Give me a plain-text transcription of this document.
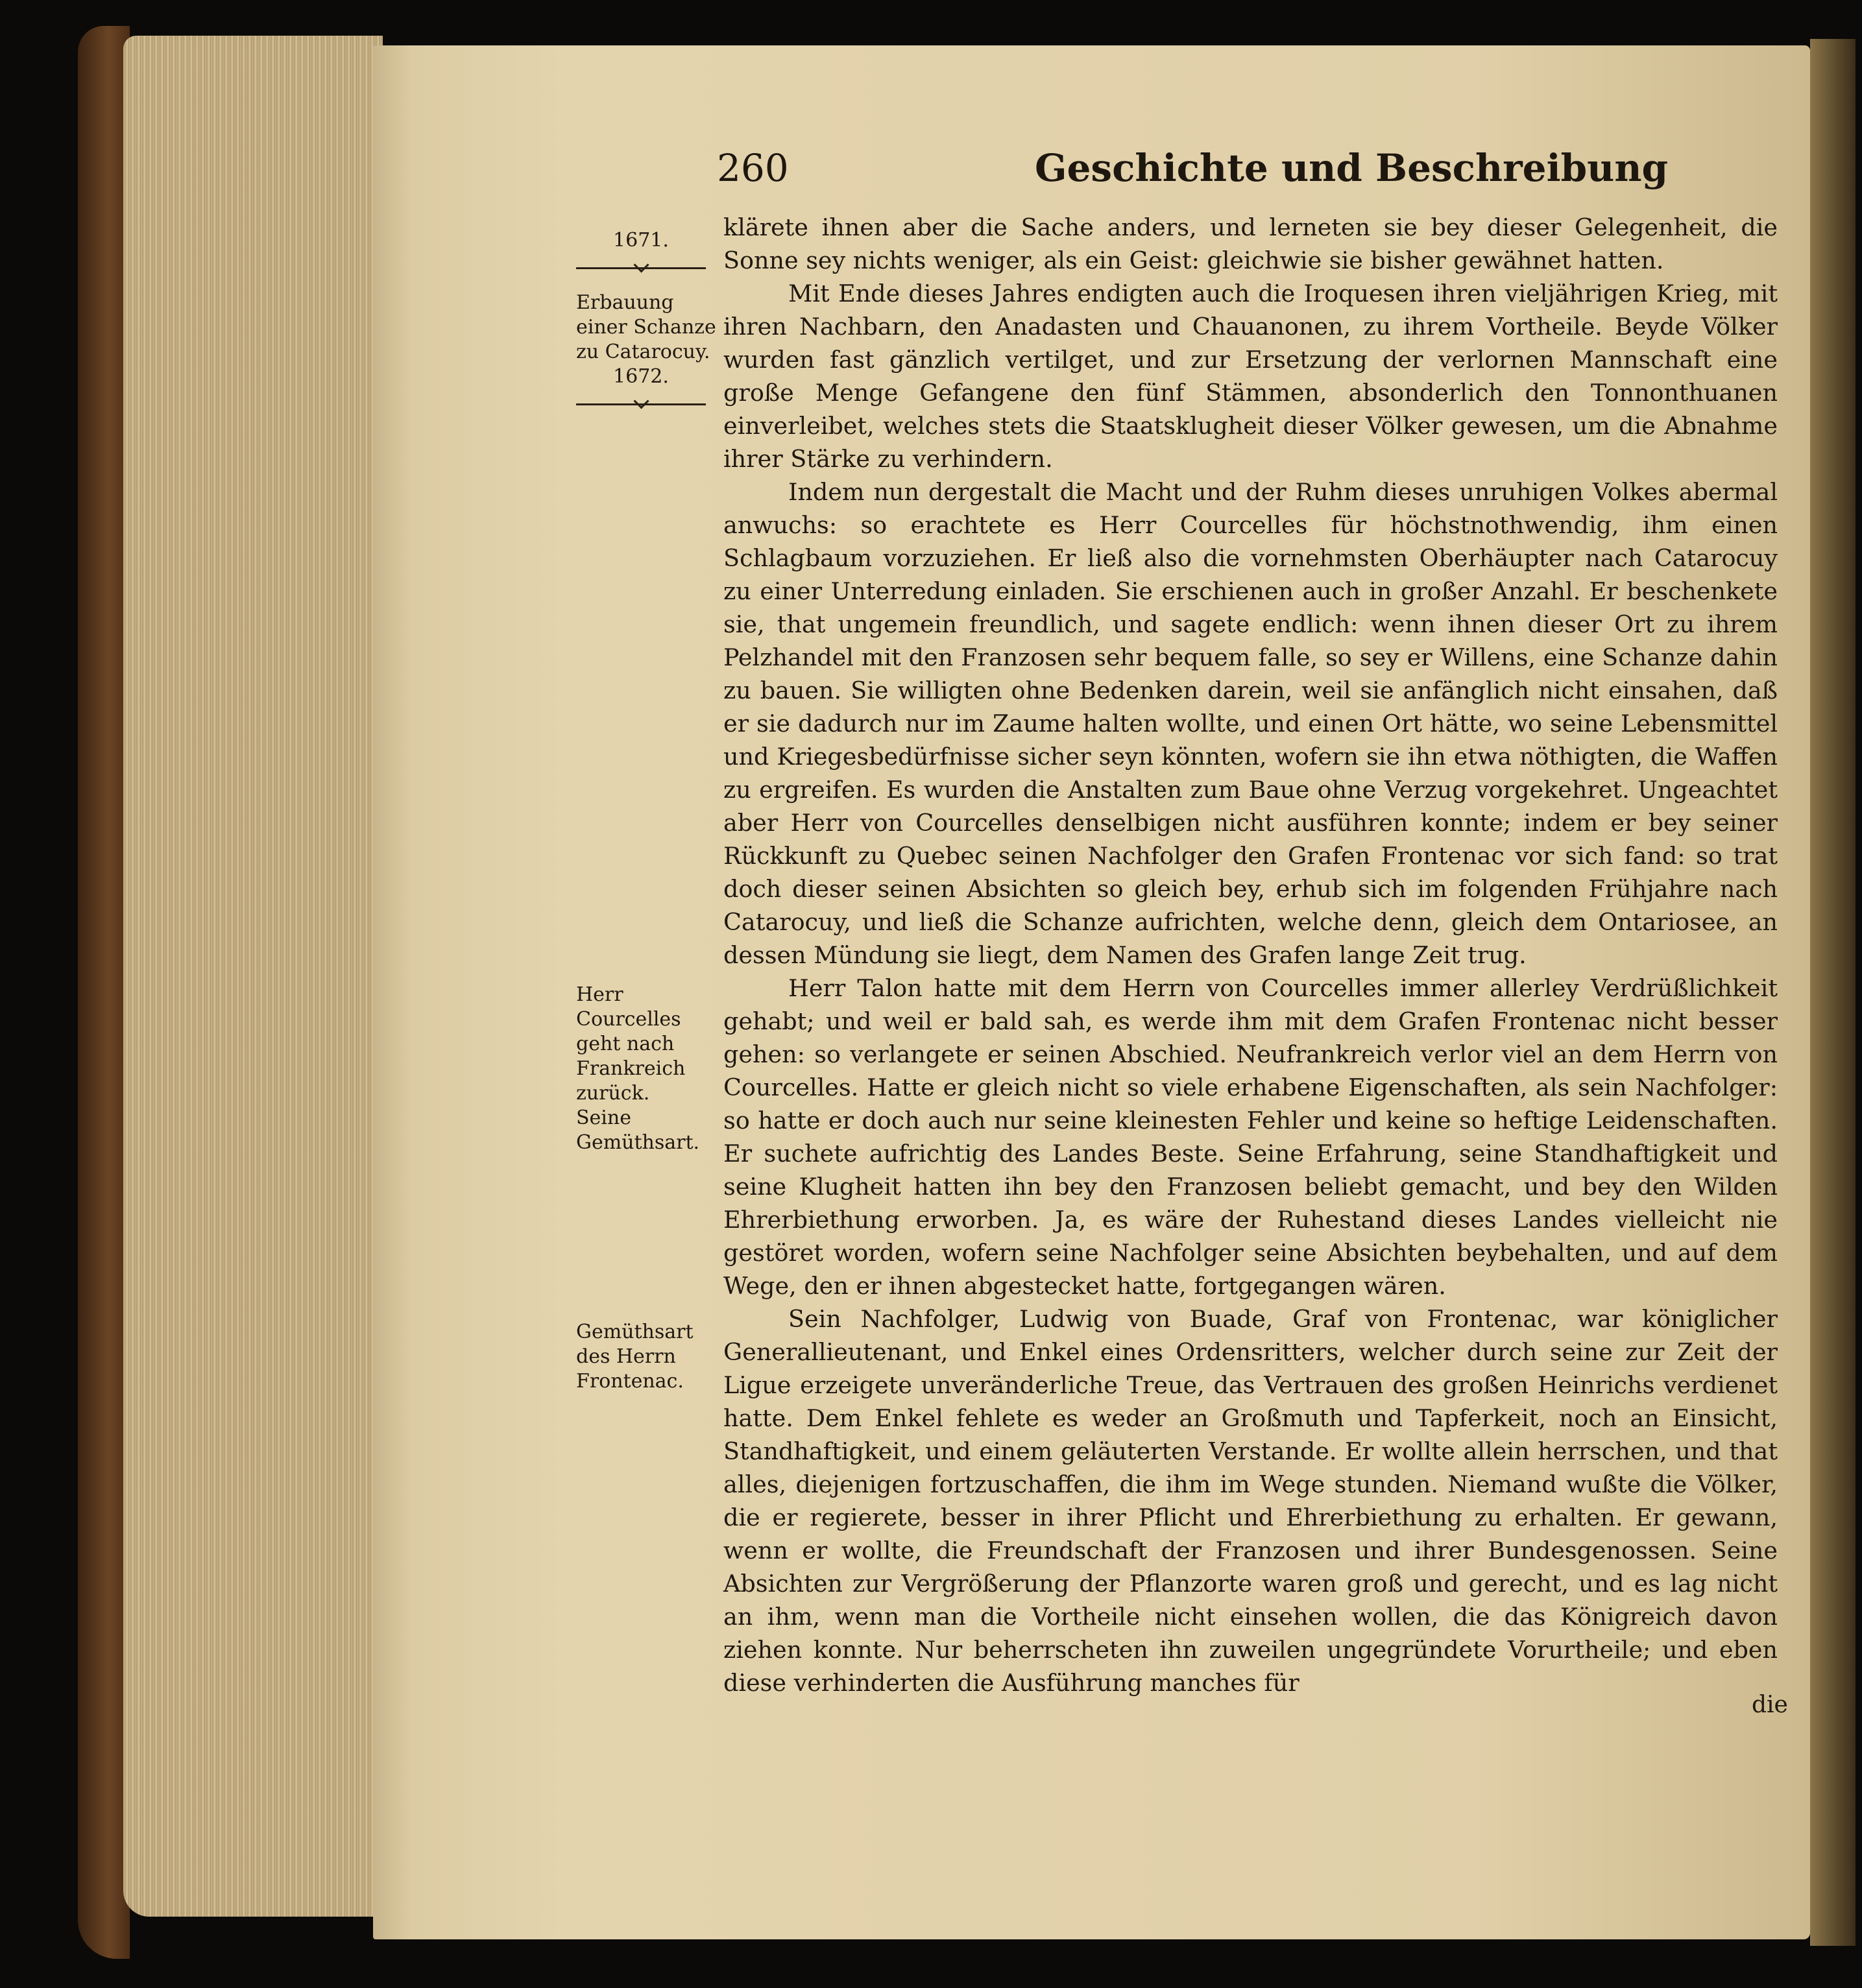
260	Geschichte und Beschreibung
1671.
Erbauung einer Schanze zu Catarocuy.
1672.
Herr Courcelles geht nach Frankreich zurück. Seine Gemüthsart.
Gemüthsart des Herrn Frontenac.

klärete ihnen aber die Sache anders, und lerneten sie bey dieser Gelegenheit, die Sonne sey nichts weniger, als ein Geist: gleichwie sie bisher gewähnet hatten.

Mit Ende dieses Jahres endigten auch die Iroquesen ihren vieljährigen Krieg, mit ihren Nachbarn, den Anadasten und Chauanonen, zu ihrem Vortheile. Beyde Völker wurden fast gänzlich vertilget, und zur Ersetzung der verlornen Mannschaft eine große Menge Gefangene den fünf Stämmen, absonderlich den Tonnonthuanen einverleibet, welches stets die Staatsklugheit dieser Völker gewesen, um die Abnahme ihrer Stärke zu verhindern.

Indem nun dergestalt die Macht und der Ruhm dieses unruhigen Volkes abermal anwuchs: so erachtete es Herr Courcelles für höchstnothwendig, ihm einen Schlagbaum vorzuziehen. Er ließ also die vornehmsten Oberhäupter nach Catarocuy zu einer Unterredung einladen. Sie erschienen auch in großer Anzahl. Er beschenkete sie, that ungemein freundlich, und sagete endlich: wenn ihnen dieser Ort zu ihrem Pelzhandel mit den Franzosen sehr bequem falle, so sey er Willens, eine Schanze dahin zu bauen. Sie willigten ohne Bedenken darein, weil sie anfänglich nicht einsahen, daß er sie dadurch nur im Zaume halten wollte, und einen Ort hätte, wo seine Lebensmittel und Kriegesbedürfnisse sicher seyn könnten, wofern sie ihn etwa nöthigten, die Waffen zu ergreifen. Es wurden die Anstalten zum Baue ohne Verzug vorgekehret. Ungeachtet aber Herr von Courcelles denselbigen nicht ausführen konnte; indem er bey seiner Rückkunft zu Quebec seinen Nachfolger den Grafen Frontenac vor sich fand: so trat doch dieser seinen Absichten so gleich bey, erhub sich im folgenden Frühjahre nach Catarocuy, und ließ die Schanze aufrichten, welche denn, gleich dem Ontariosee, an dessen Mündung sie liegt, dem Namen des Grafen lange Zeit trug.

Herr Talon hatte mit dem Herrn von Courcelles immer allerley Verdrüßlichkeit gehabt; und weil er bald sah, es werde ihm mit dem Grafen Frontenac nicht besser gehen: so verlangete er seinen Abschied. Neufrankreich verlor viel an dem Herrn von Courcelles. Hatte er gleich nicht so viele erhabene Eigenschaften, als sein Nachfolger: so hatte er doch auch nur seine kleinesten Fehler und keine so heftige Leidenschaften. Er suchete aufrichtig des Landes Beste. Seine Erfahrung, seine Standhaftigkeit und seine Klugheit hatten ihn bey den Franzosen beliebt gemacht, und bey den Wilden Ehrerbiethung erworben. Ja, es wäre der Ruhestand dieses Landes vielleicht nie gestöret worden, wofern seine Nachfolger seine Absichten beybehalten, und auf dem Wege, den er ihnen abgestecket hatte, fortgegangen wären.

Sein Nachfolger, Ludwig von Buade, Graf von Frontenac, war königlicher Generallieutenant, und Enkel eines Ordensritters, welcher durch seine zur Zeit der Ligue erzeigete unveränderliche Treue, das Vertrauen des großen Heinrichs verdienet hatte. Dem Enkel fehlete es weder an Großmuth und Tapferkeit, noch an Einsicht, Standhaftigkeit, und einem geläuterten Verstande. Er wollte allein herrschen, und that alles, diejenigen fortzuschaffen, die ihm im Wege stunden. Niemand wußte die Völker, die er regierete, besser in ihrer Pflicht und Ehrerbiethung zu erhalten. Er gewann, wenn er wollte, die Freundschaft der Franzosen und ihrer Bundesgenossen. Seine Absichten zur Vergrößerung der Pflanzorte waren groß und gerecht, und es lag nicht an ihm, wenn man die Vortheile nicht einsehen wollen, die das Königreich davon ziehen konnte. Nur beherrscheten ihn zuweilen ungegründete Vorurtheile; und eben diese verhinderten die Ausführung manches für

die
